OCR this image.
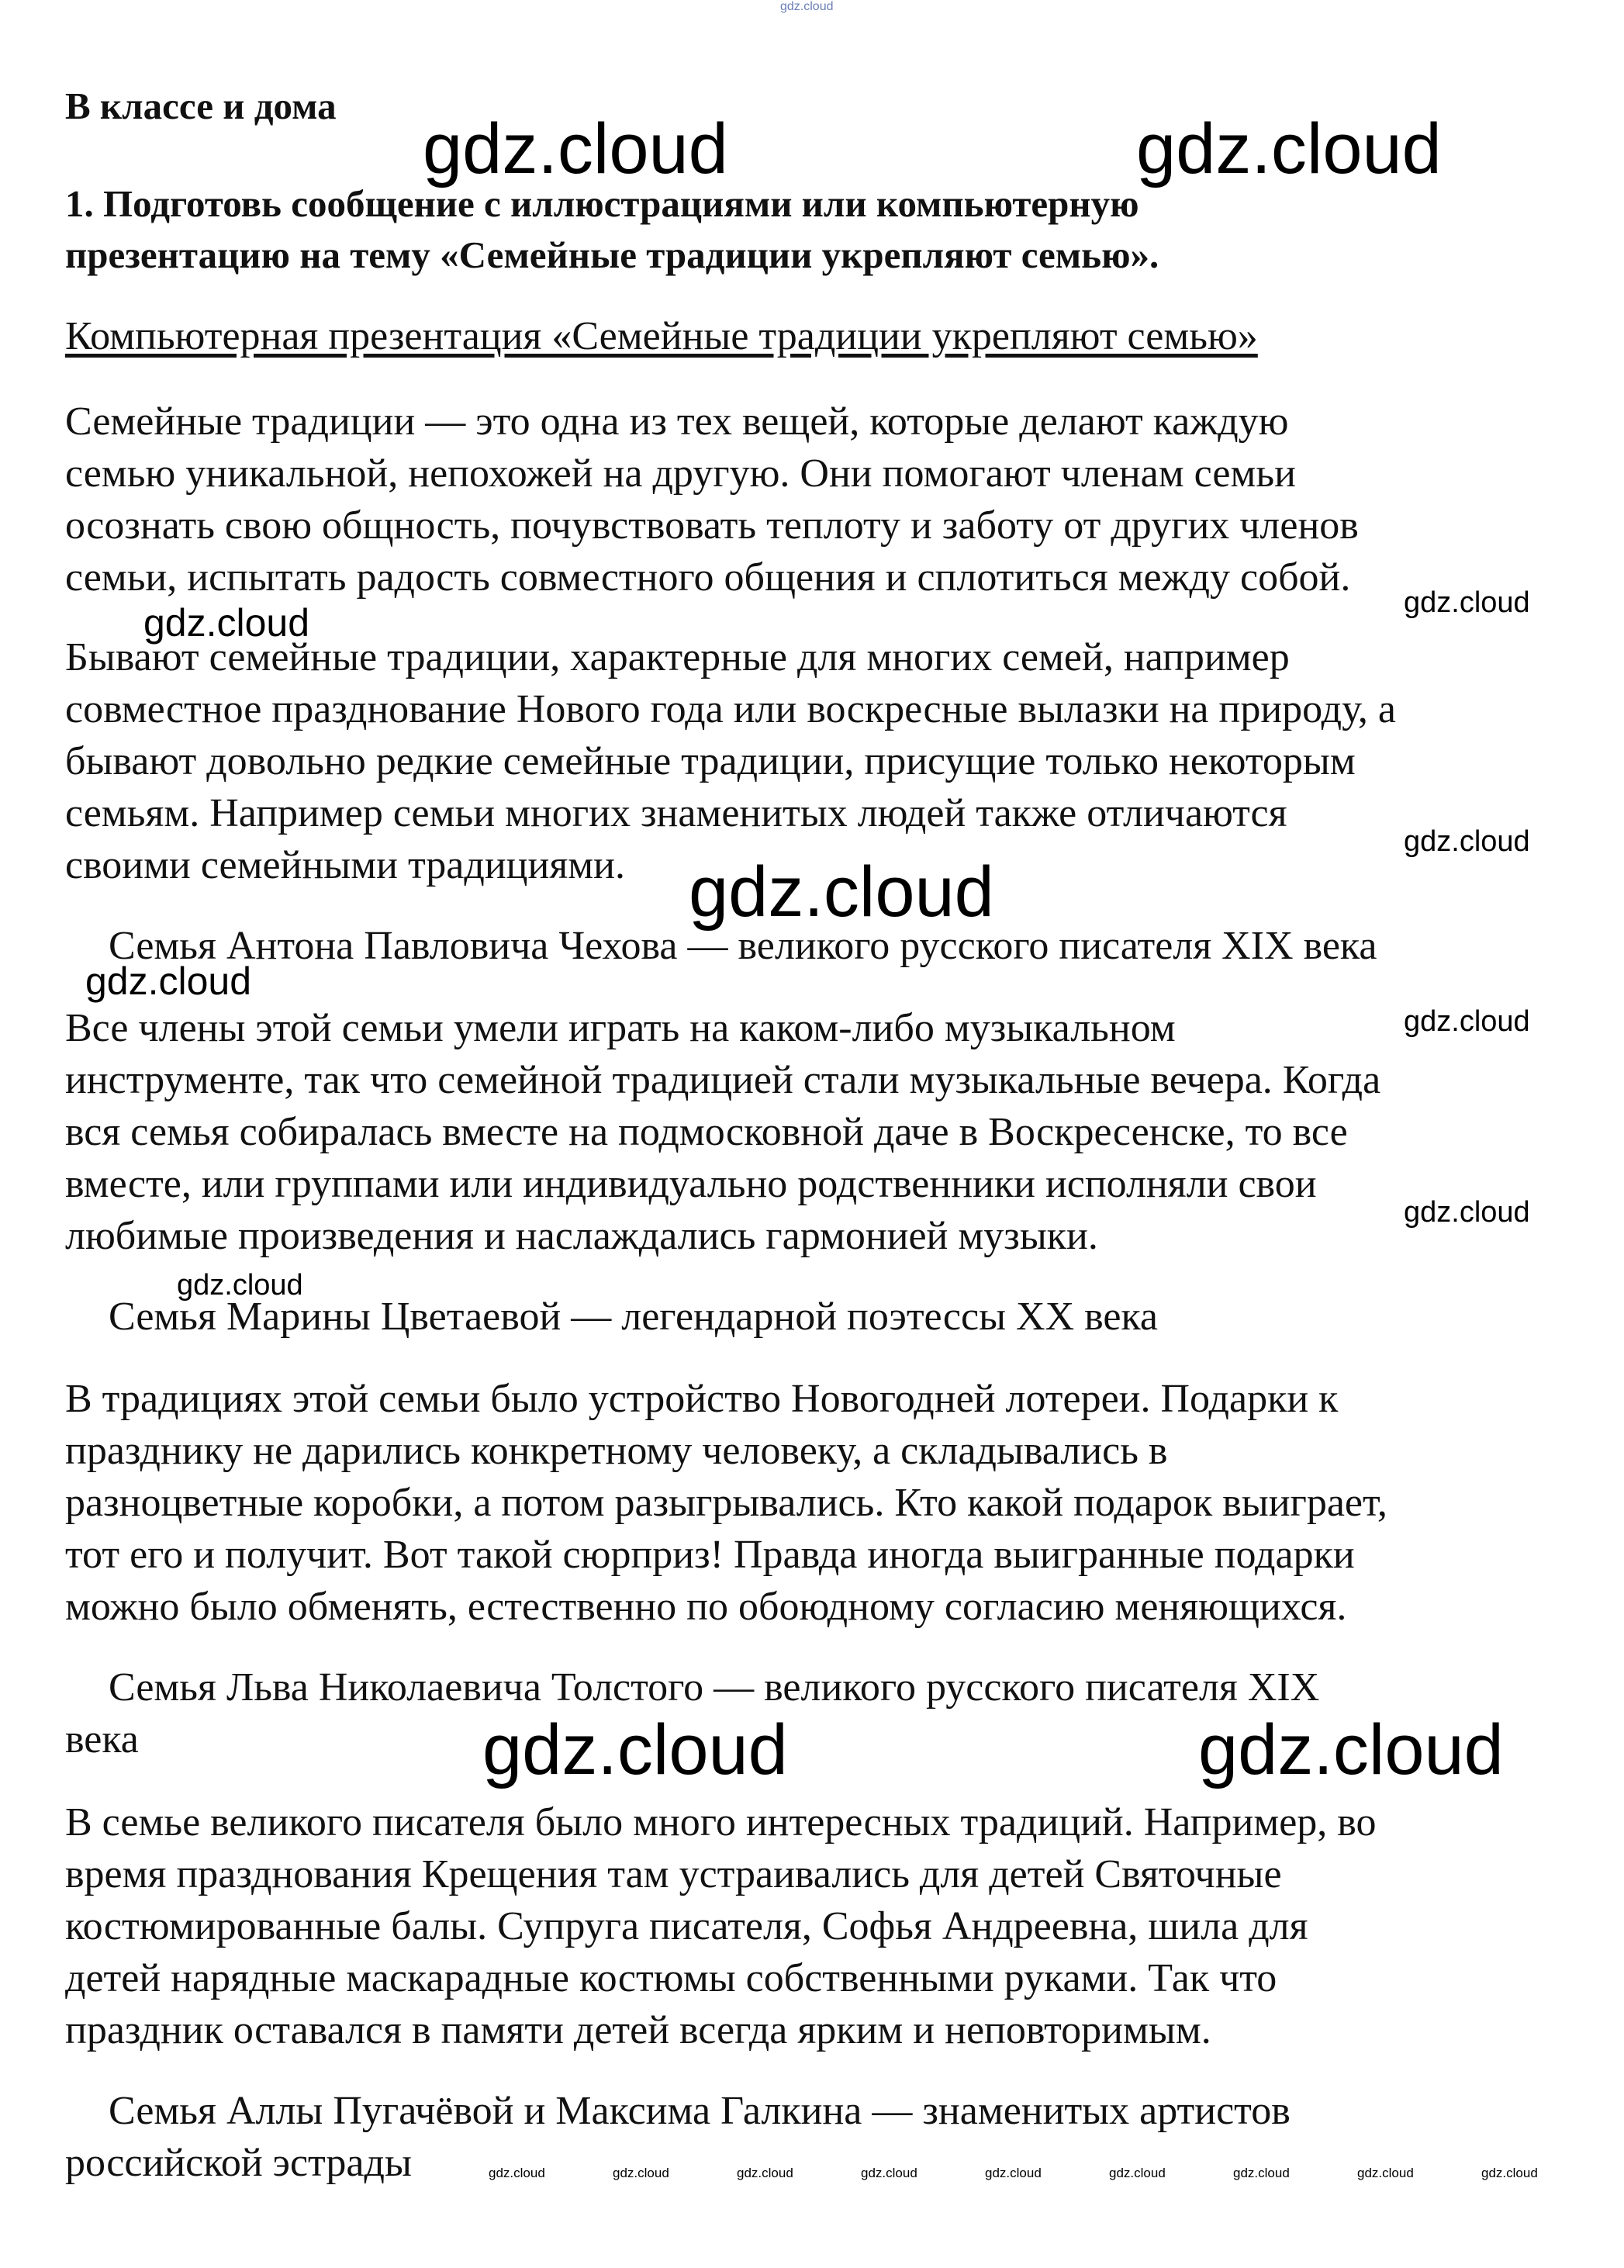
gdz.cloud
gdz.cloud	gdz.cloud
gdz.cloud
gdz.cloud
gdz.cloud
gdz.cloud
gdz.cloud
gdz.cloud
gdz.cloud
gdz.cloud
gdz.cloud	gdz.cloud
gdz.cloud	gdz.cloud	gdz.cloud	gdz.cloud	gdz.cloud	gdz.cloud	gdz.cloud	gdz.cloud	gdz.cloud
В классе и дома
1. Подготовь сообщение с иллюстрациями или компьютерную
презентацию на тему «Семейные традиции укрепляют семью».
Компьютерная презентация «Семейные традиции укрепляют семью»

Семейные традиции — это одна из тех вещей, которые делают каждую

семью уникальной, непохожей на другую. Они помогают членам семьи

осознать свою общность, почувствовать теплоту и заботу от других членов

семьи, испытать радость совместного общения и сплотиться между собой.

Бывают семейные традиции, характерные для многих семей, например

совместное празднование Нового года или воскресные вылазки на природу, а

бывают довольно редкие семейные традиции, присущие только некоторым

семьям. Например семьи многих знаменитых людей также отличаются

своими семейными традициями.

Семья Антона Павловича Чехова — великого русского писателя XIX века

Все члены этой семьи умели играть на каком-либо музыкальном

инструменте, так что семейной традицией стали музыкальные вечера. Когда

вся семья собиралась вместе на подмосковной даче в Воскресенске, то все

вместе, или группами или индивидуально родственники исполняли свои

любимые произведения и наслаждались гармонией музыки.

Семья Марины Цветаевой — легендарной поэтессы XX века

В традициях этой семьи было устройство Новогодней лотереи. Подарки к

празднику не дарились конкретному человеку, а складывались в

разноцветные коробки, а потом разыгрывались. Кто какой подарок выиграет,

тот его и получит. Вот такой сюрприз! Правда иногда выигранные подарки

можно было обменять, естественно по обоюдному согласию меняющихся.

Семья Льва Николаевича Толстого — великого русского писателя XIX
века

В семье великого писателя было много интересных традиций. Например, во

время празднования Крещения там устраивались для детей Святочные

костюмированные балы. Супруга писателя, Софья Андреевна, шила для

детей нарядные маскарадные костюмы собственными руками. Так что

праздник оставался в памяти детей всегда ярким и неповторимым.

Семья Аллы Пугачёвой и Максима Галкина — знаменитых артистов
российской эстрады
